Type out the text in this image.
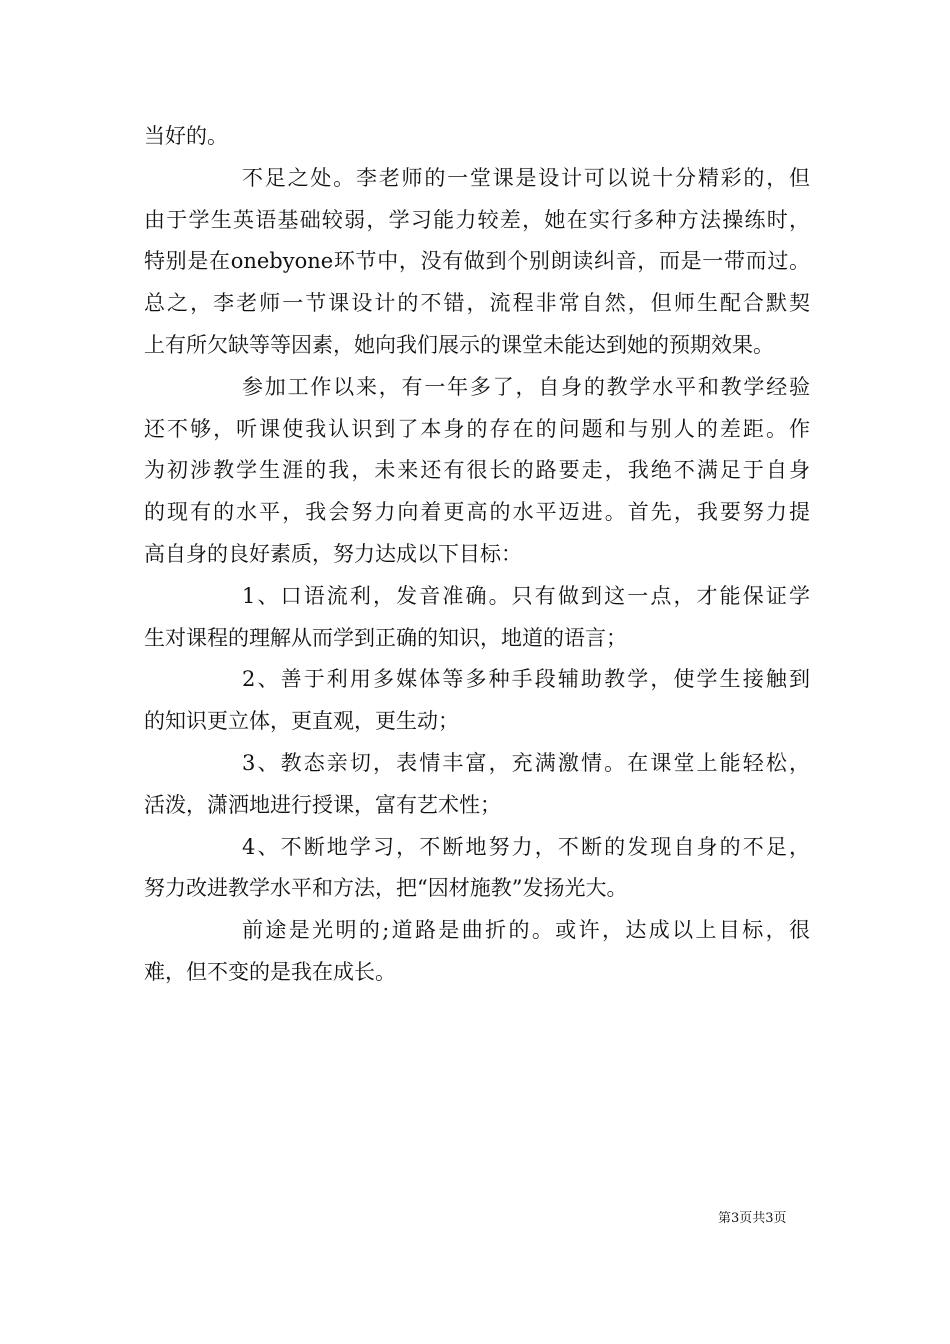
当好的。
不足之处。李老师的一堂课是设计可以说十分精彩的，但
由于学生英语基础较弱，学习能力较差，她在实行多种方法操练时，
特别是在onebyone环节中，没有做到个别朗读纠音，而是一带而过。
总之，李老师一节课设计的不错，流程非常自然，但师生配合默契
上有所欠缺等等因素，她向我们展示的课堂未能达到她的预期效果。
参加工作以来，有一年多了，自身的教学水平和教学经验
还不够，听课使我认识到了本身的存在的问题和与别人的差距。作
为初涉教学生涯的我，未来还有很长的路要走，我绝不满足于自身
的现有的水平，我会努力向着更高的水平迈进。首先，我要努力提
高自身的良好素质，努力达成以下目标：
1、口语流利，发音准确。只有做到这一点，才能保证学
生对课程的理解从而学到正确的知识，地道的语言；
2、善于利用多媒体等多种手段辅助教学，使学生接触到
的知识更立体，更直观，更生动；
3、教态亲切，表情丰富，充满激情。在课堂上能轻松，
活泼，潇洒地进行授课，富有艺术性；
4、不断地学习，不断地努力，不断的发现自身的不足，
努力改进教学水平和方法，把“因材施教”发扬光大。
前途是光明的;道路是曲折的。或许，达成以上目标，很
难，但不变的是我在成长。
第3页共3页
